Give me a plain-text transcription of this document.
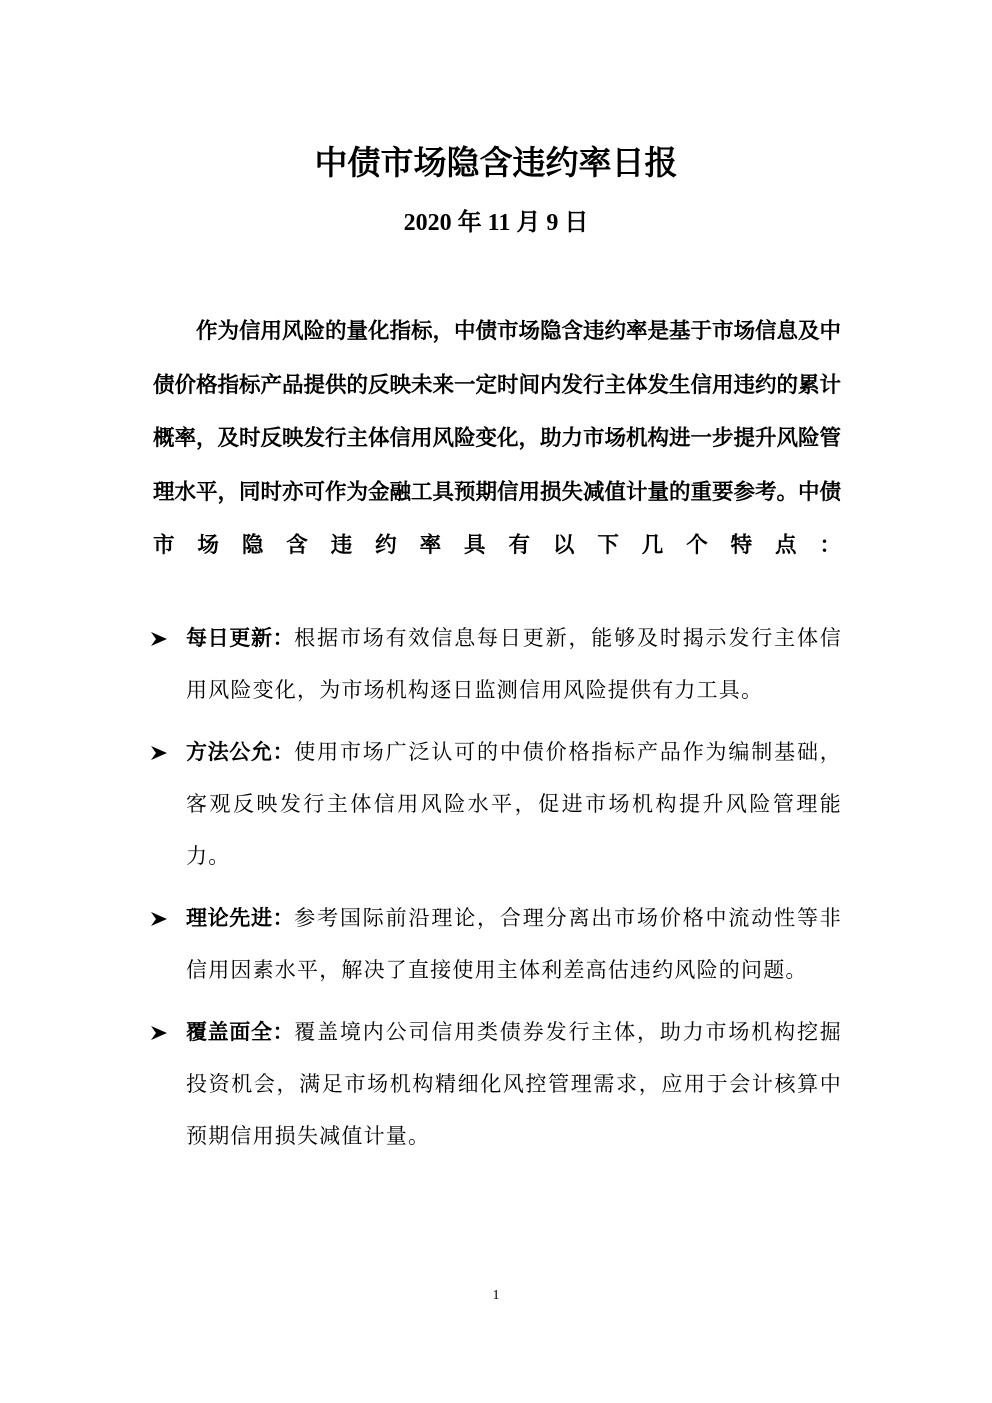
中债市场隐含违约率日报
2020 年 11 月 9 日

作为信用风险的量化指标，中债市场隐含违约率是基于市场信息及中债价格指标产品提供的反映未来一定时间内发行主体发生信用违约的累计概率，及时反映发行主体信用风险变化，助力市场机构进一步提升风险管理水平，同时亦可作为金融工具预期信用损失减值计量的重要参考。中债市场隐含违约率具有以下几个特点：

每日更新：根据市场有效信息每日更新，能够及时揭示发行主体信用风险变化，为市场机构逐日监测信用风险提供有力工具。
方法公允：使用市场广泛认可的中债价格指标产品作为编制基础，客观反映发行主体信用风险水平，促进市场机构提升风险管理能力。
理论先进：参考国际前沿理论，合理分离出市场价格中流动性等非信用因素水平，解决了直接使用主体利差高估违约风险的问题。
覆盖面全：覆盖境内公司信用类债券发行主体，助力市场机构挖掘投资机会，满足市场机构精细化风控管理需求，应用于会计核算中预期信用损失减值计量。
1
